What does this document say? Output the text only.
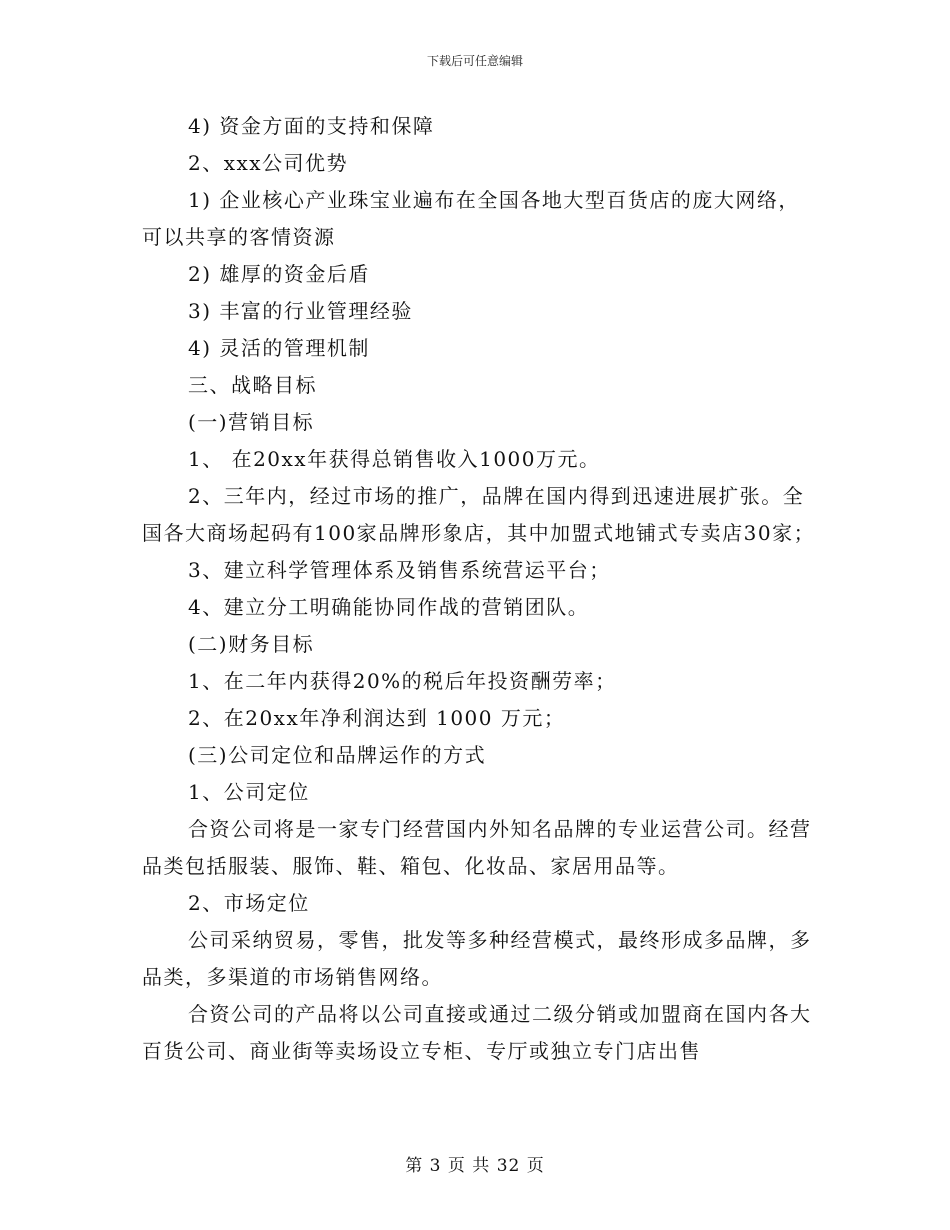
下载后可任意编辑

4) 资金方面的支持和保障

2、xxx公司优势

1) 企业核心产业珠宝业遍布在全国各地大型百货店的庞大网络，可以共享的客情资源

2) 雄厚的资金后盾

3) 丰富的行业管理经验

4) 灵活的管理机制

三、战略目标

(一)营销目标

1、 在20xx年获得总销售收入1000万元。

2、三年内，经过市场的推广，品牌在国内得到迅速进展扩张。全国各大商场起码有100家品牌形象店，其中加盟式地铺式专卖店30家；

3、建立科学管理体系及销售系统营运平台；

4、建立分工明确能协同作战的营销团队。

(二)财务目标

1、在二年内获得20%的税后年投资酬劳率；

2、在20xx年净利润达到 1000 万元；

(三)公司定位和品牌运作的方式

1、公司定位

合资公司将是一家专门经营国内外知名品牌的专业运营公司。经营品类包括服装、服饰、鞋、箱包、化妆品、家居用品等。

2、市场定位

公司采纳贸易，零售，批发等多种经营模式，最终形成多品牌，多品类，多渠道的市场销售网络。

合资公司的产品将以公司直接或通过二级分销或加盟商在国内各大百货公司、商业街等卖场设立专柜、专厅或独立专门店出售

第 3 页 共 32 页
